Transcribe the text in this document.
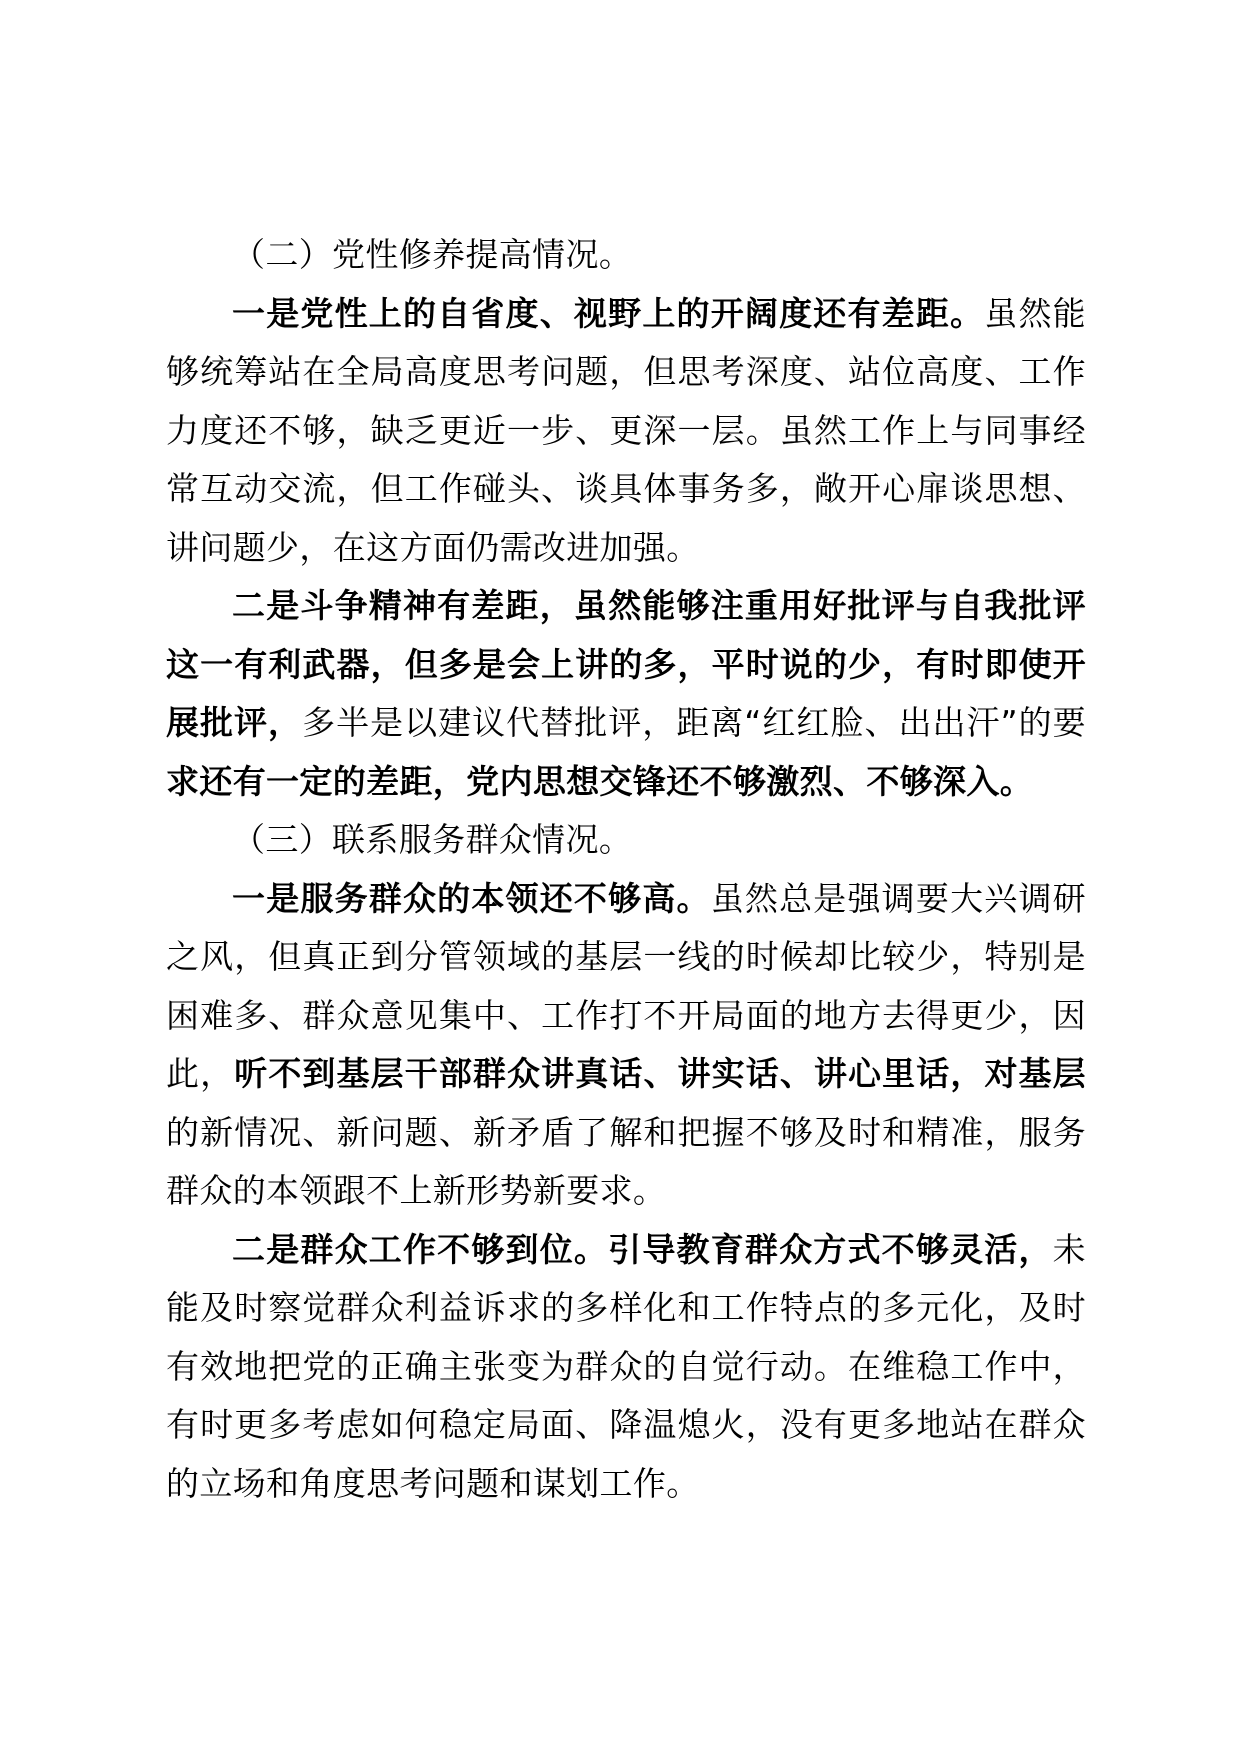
（二）党性修养提高情况。

一是党性上的自省度、视野上的开阔度还有差距。虽然能够统筹站在全局高度思考问题，但思考深度、站位高度、工作力度还不够，缺乏更近一步、更深一层。虽然工作上与同事经常互动交流，但工作碰头、谈具体事务多，敞开心扉谈思想、讲问题少，在这方面仍需改进加强。

二是斗争精神有差距，虽然能够注重用好批评与自我批评这一有利武器，但多是会上讲的多，平时说的少，有时即使开展批评，多半是以建议代替批评，距离“红红脸、出出汗”的要求还有一定的差距，党内思想交锋还不够激烈、不够深入。

（三）联系服务群众情况。

一是服务群众的本领还不够高。虽然总是强调要大兴调研之风，但真正到分管领域的基层一线的时候却比较少，特别是困难多、群众意见集中、工作打不开局面的地方去得更少，因此，听不到基层干部群众讲真话、讲实话、讲心里话，对基层的新情况、新问题、新矛盾了解和把握不够及时和精准，服务群众的本领跟不上新形势新要求。

二是群众工作不够到位。引导教育群众方式不够灵活，未能及时察觉群众利益诉求的多样化和工作特点的多元化，及时有效地把党的正确主张变为群众的自觉行动。在维稳工作中，有时更多考虑如何稳定局面、降温熄火，没有更多地站在群众的立场和角度思考问题和谋划工作。
